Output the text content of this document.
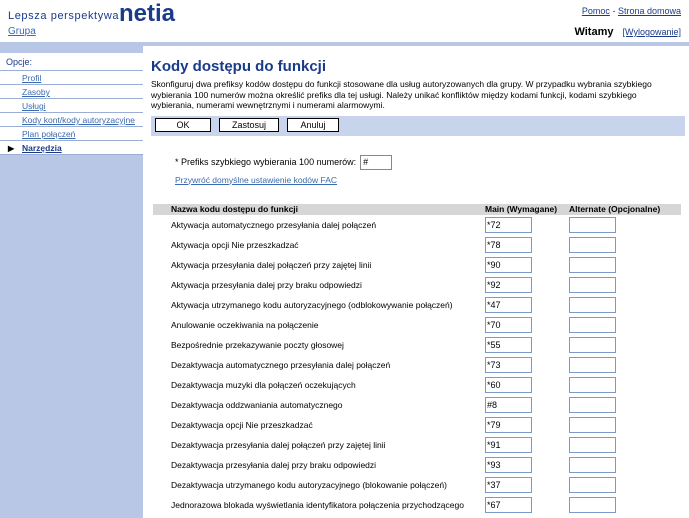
Lepsza perspektywa netia	Pomoc - Strona domowa
Grupa	Witamy [Wylogowanie]
Opcje:
Profil
Zasoby
Usługi
Kody kont/kody autoryzacyjne
Plan połączeń
▶ Narzędzia
Kody dostępu do funkcji
Skonfiguruj dwa prefiksy kodów dostępu do funkcji stosowane dla usług autoryzowanych dla grupy. W przypadku wybrania szybkiego wybierania 100 numerów można określić prefiks dla tej usługi. Należy unikać konfliktów między kodami funkcji, kodami szybkiego wybierania, numerami wewnętrznymi i numerami alarmowymi.
OK	Zastosuj	Anuluj
* Prefiks szybkiego wybierania 100 numerów:
#
Przywróć domyślne ustawienie kodów FAC
Nazwa kodu dostępu do funkcji	Main (Wymagane)	Alternate (Opcjonalne)
Aktywacja automatycznego przesyłania dalej połączeń	*72	
Aktywacja opcji Nie przeszkadzać	*78	
Aktywacja przesyłania dalej połączeń przy zajętej linii	*90	
Aktywacja przesyłania dalej przy braku odpowiedzi	*92	
Aktywacja utrzymanego kodu autoryzacyjnego (odblokowywanie połączeń)	*47	
Anulowanie oczekiwania na połączenie	*70	
Bezpośrednie przekazywanie poczty głosowej	*55	
Dezaktywacja automatycznego przesyłania dalej połączeń	*73	
Dezaktywacja muzyki dla połączeń oczekujących	*60	
Dezaktywacja oddzwaniania automatycznego	#8	
Dezaktywacja opcji Nie przeszkadzać	*79	
Dezaktywacja przesyłania dalej połączeń przy zajętej linii	*91	
Dezaktywacja przesyłania dalej przy braku odpowiedzi	*93	
Dezaktywacja utrzymanego kodu autoryzacyjnego (blokowanie połączeń)	*37	
Jednorazowa blokada wyświetlania identyfikatora połączenia przychodzącego	*67	
